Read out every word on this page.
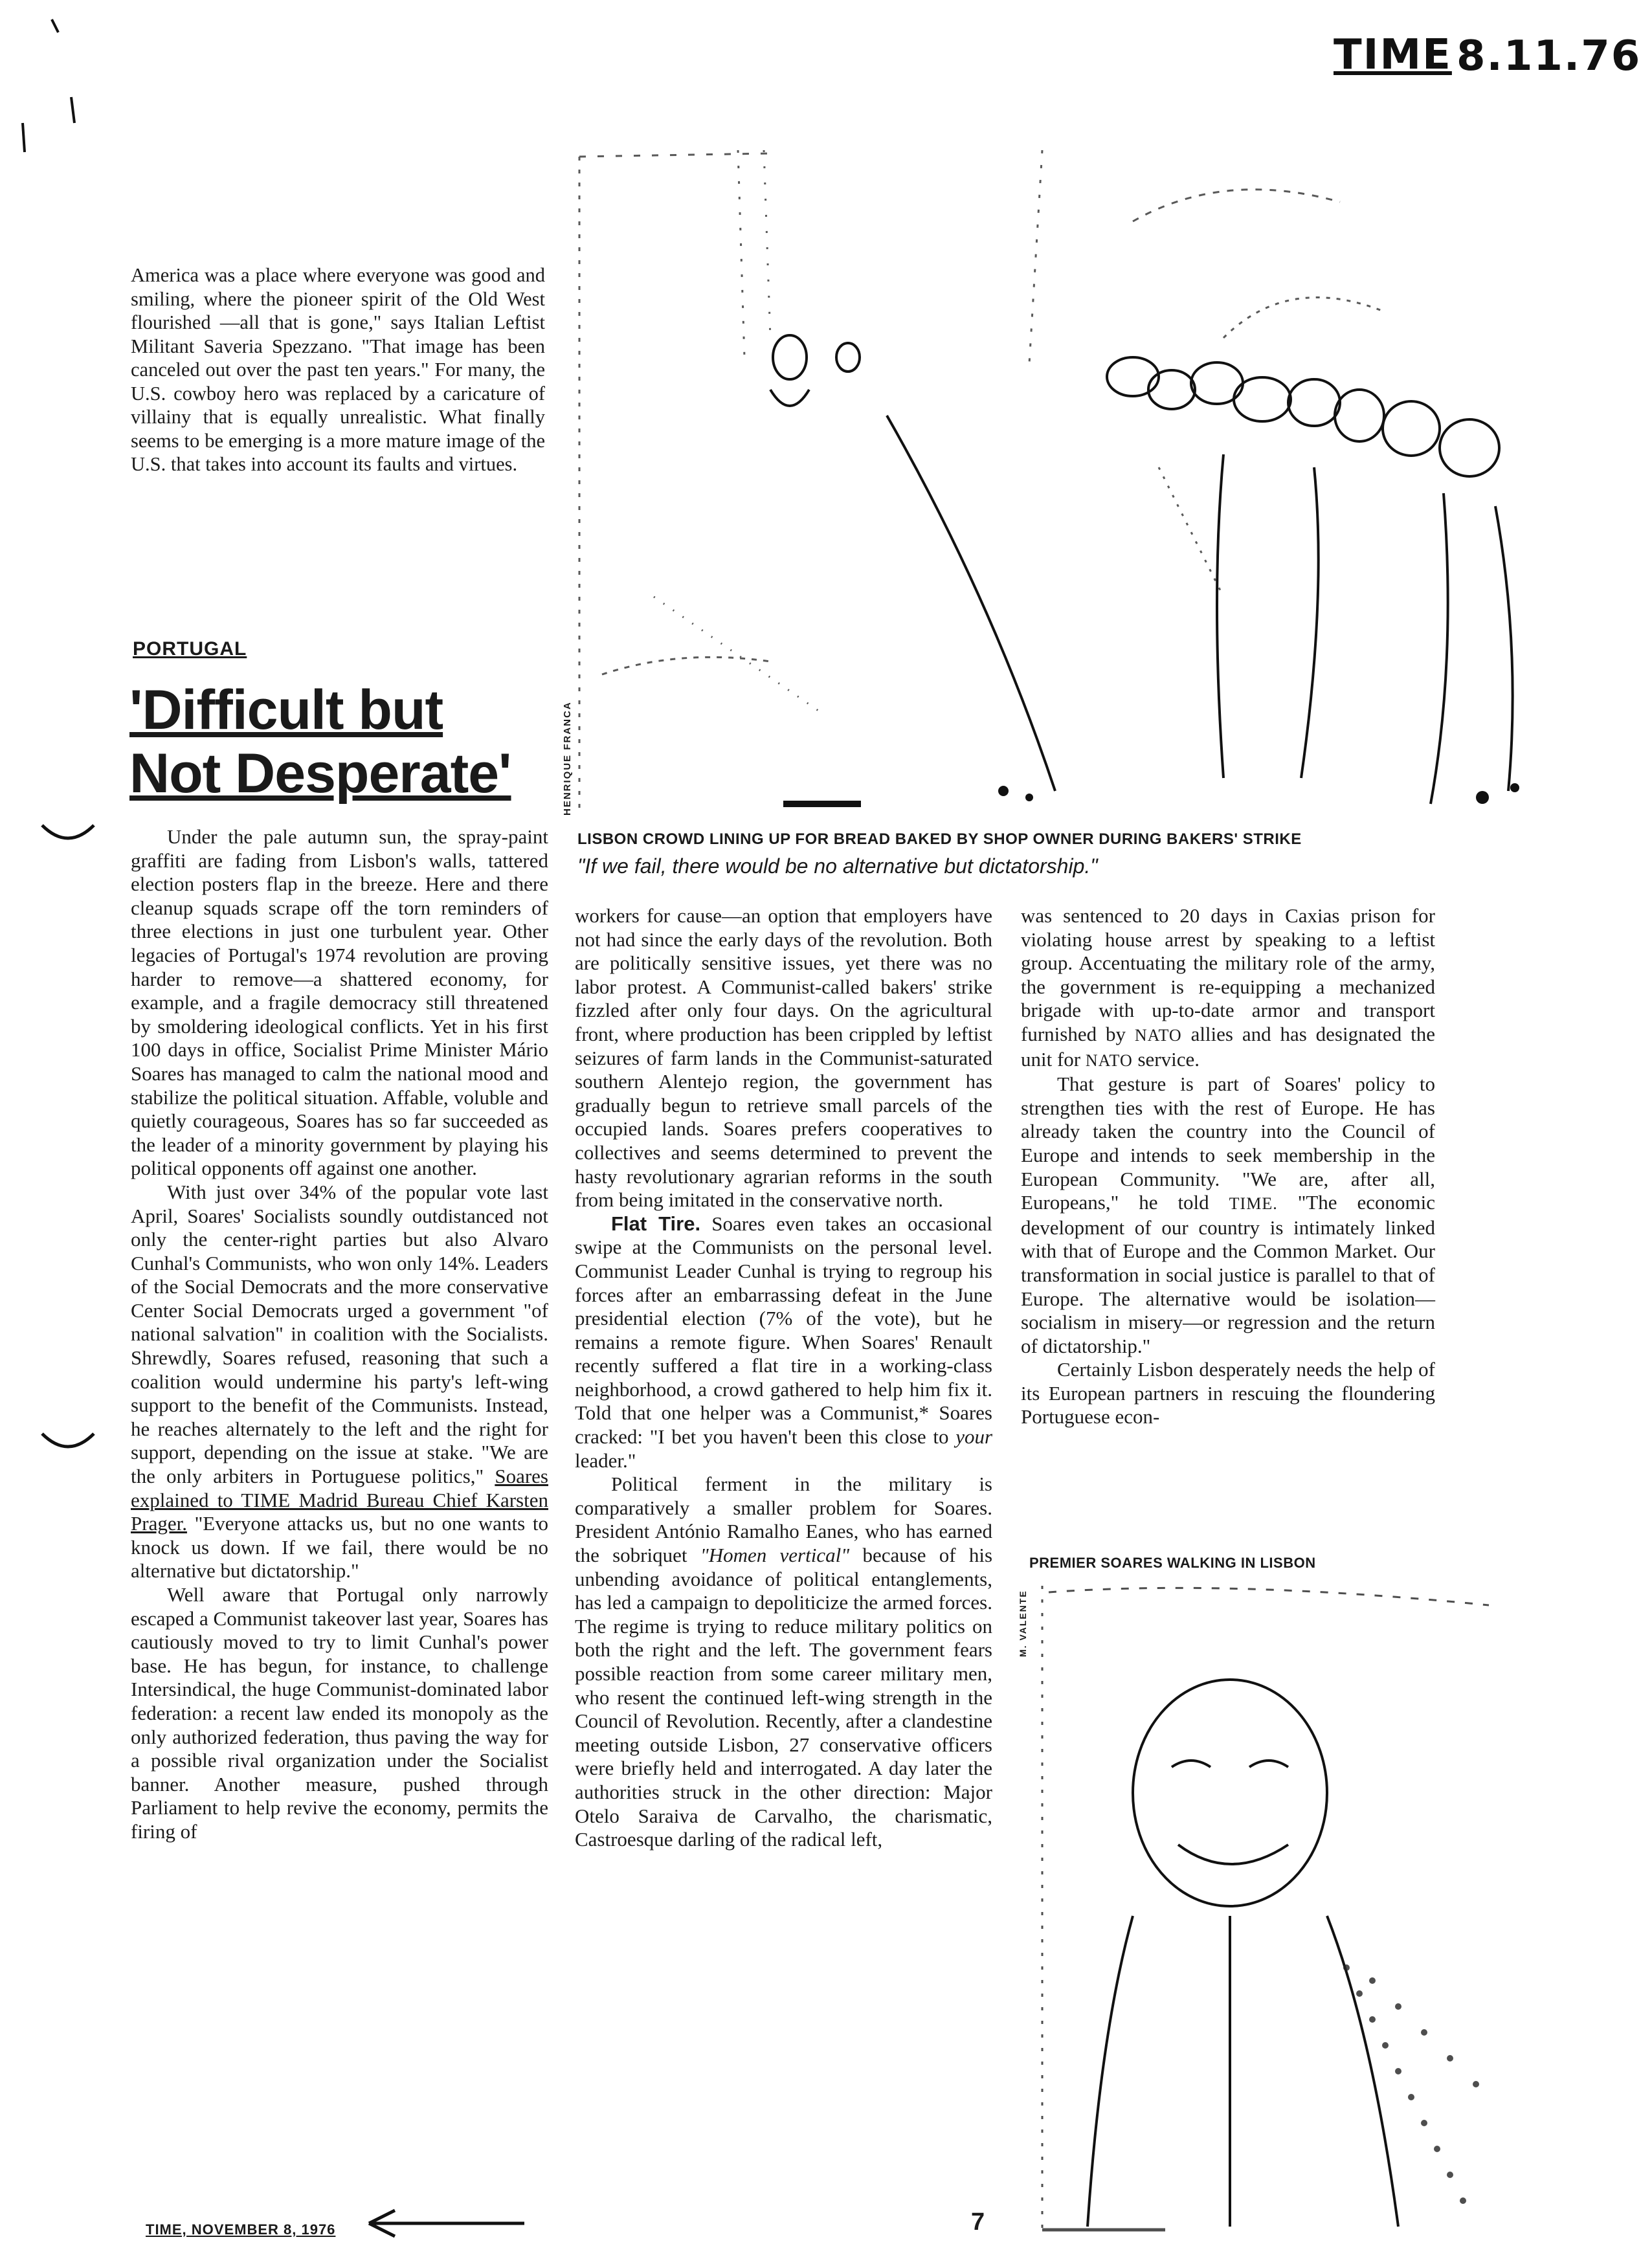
TIME 8.11.76

America was a place where everyone was good and smiling, where the pioneer spirit of the Old West flourished —all that is gone," says Italian Leftist Militant Saveria Spezzano. "That image has been canceled out over the past ten years." For many, the U.S. cowboy hero was replaced by a caricature of villainy that is equally unrealistic. What finally seems to be emerging is a more mature image of the U.S. that takes into account its faults and virtues.

PORTUGAL
'Difficult but
Not Desperate'	HENRIQUE FRANCA
LISBON CROWD LINING UP FOR BREAD BAKED BY SHOP OWNER DURING BAKERS' STRIKE
"If we fail, there would be no alternative but dictatorship."

Under the pale autumn sun, the spray-paint graffiti are fading from Lisbon's walls, tattered election posters flap in the breeze. Here and there cleanup squads scrape off the torn reminders of three elections in just one turbulent year. Other legacies of Portugal's 1974 revolution are proving harder to remove—a shattered economy, for example, and a fragile democracy still threatened by smoldering ideological conflicts. Yet in his first 100 days in office, Socialist Prime Minister Mário Soares has managed to calm the national mood and stabilize the political situation. Affable, voluble and quietly courageous, Soares has so far succeeded as the leader of a minority government by playing his political opponents off against one another.

With just over 34% of the popular vote last April, Soares' Socialists soundly outdistanced not only the center-right parties but also Alvaro Cunhal's Communists, who won only 14%. Leaders of the Social Democrats and the more conservative Center Social Democrats urged a government "of national salvation" in coalition with the Socialists. Shrewdly, Soares refused, reasoning that such a coalition would undermine his party's left-wing support to the benefit of the Communists. Instead, he reaches alternately to the left and the right for support, depending on the issue at stake. "We are the only arbiters in Portuguese politics," Soares explained to TIME Madrid Bureau Chief Karsten Prager. "Everyone attacks us, but no one wants to knock us down. If we fail, there would be no alternative but dictatorship."

Well aware that Portugal only narrowly escaped a Communist takeover last year, Soares has cautiously moved to try to limit Cunhal's power base. He has begun, for instance, to challenge Intersindical, the huge Communist-dominated labor federation: a recent law ended its monopoly as the only authorized federation, thus paving the way for a possible rival organization under the Socialist banner. Another measure, pushed through Parliament to help revive the economy, permits the firing of

workers for cause—an option that employers have not had since the early days of the revolution. Both are politically sensitive issues, yet there was no labor protest. A Communist-called bakers' strike fizzled after only four days. On the agricultural front, where production has been crippled by leftist seizures of farm lands in the Communist-saturated southern Alentejo region, the government has gradually begun to retrieve small parcels of the occupied lands. Soares prefers cooperatives to collectives and seems determined to prevent the hasty revolutionary agrarian reforms in the south from being imitated in the conservative north.

Flat Tire. Soares even takes an occasional swipe at the Communists on the personal level. Communist Leader Cunhal is trying to regroup his forces after an embarrassing defeat in the June presidential election (7% of the vote), but he remains a remote figure. When Soares' Renault recently suffered a flat tire in a working-class neighborhood, a crowd gathered to help him fix it. Told that one helper was a Communist,* Soares cracked: "I bet you haven't been this close to your leader."

Political ferment in the military is comparatively a smaller problem for Soares. President António Ramalho Eanes, who has earned the sobriquet "Homen vertical" because of his unbending avoidance of political entanglements, has led a campaign to depoliticize the armed forces. The regime is trying to reduce military politics on both the right and the left. The government fears possible reaction from some career military men, who resent the continued left-wing strength in the Council of Revolution. Recently, after a clandestine meeting outside Lisbon, 27 conservative officers were briefly held and interrogated. A day later the authorities struck in the other direction: Major Otelo Saraiva de Carvalho, the charismatic, Castroesque darling of the radical left,

was sentenced to 20 days in Caxias prison for violating house arrest by speaking to a leftist group. Accentuating the military role of the army, the government is re-equipping a mechanized brigade with up-to-date armor and transport furnished by NATO allies and has designated the unit for NATO service.

That gesture is part of Soares' policy to strengthen ties with the rest of Europe. He has already taken the country into the Council of Europe and intends to seek membership in the European Community. "We are, after all, Europeans," he told TIME. "The economic development of our country is intimately linked with that of Europe and the Common Market. Our transformation in social justice is parallel to that of Europe. The alternative would be isolation—socialism in misery—or regression and the return of dictatorship."

Certainly Lisbon desperately needs the help of its European partners in rescuing the floundering Portuguese econ-

PREMIER SOARES WALKING IN LISBON
M. VALENTE
7
TIME, NOVEMBER 8, 1976
